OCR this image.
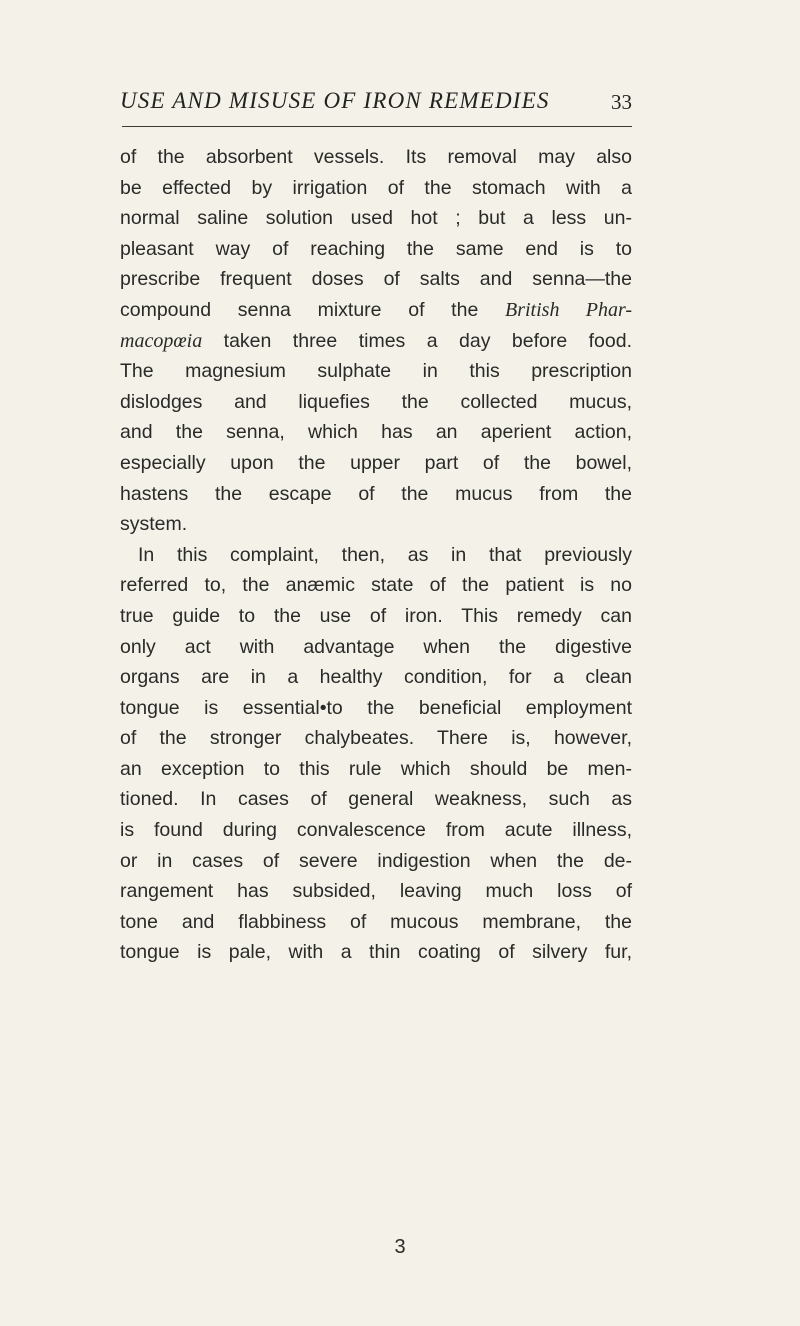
USE AND MISUSE OF IRON REMEDIES	33
of the absorbent vessels. Its removal may also
be effected by irrigation of the stomach with a
normal saline solution used hot ; but a less un-
pleasant way of reaching the same end is to
prescribe frequent doses of salts and senna—the
compound senna mixture of the British Phar-
macopœia taken three times a day before food.
The magnesium sulphate in this prescription
dislodges and liquefies the collected mucus,
and the senna, which has an aperient action,
especially upon the upper part of the bowel,
hastens the escape of the mucus from the
system.
In this complaint, then, as in that previously
referred to, the anæmic state of the patient is no
true guide to the use of iron. This remedy can
only act with advantage when the digestive
organs are in a healthy condition, for a clean
tongue is essential•to the beneficial employment
of the stronger chalybeates. There is, however,
an exception to this rule which should be men-
tioned. In cases of general weakness, such as
is found during convalescence from acute illness,
or in cases of severe indigestion when the de-
rangement has subsided, leaving much loss of
tone and flabbiness of mucous membrane, the
tongue is pale, with a thin coating of silvery fur,
3
